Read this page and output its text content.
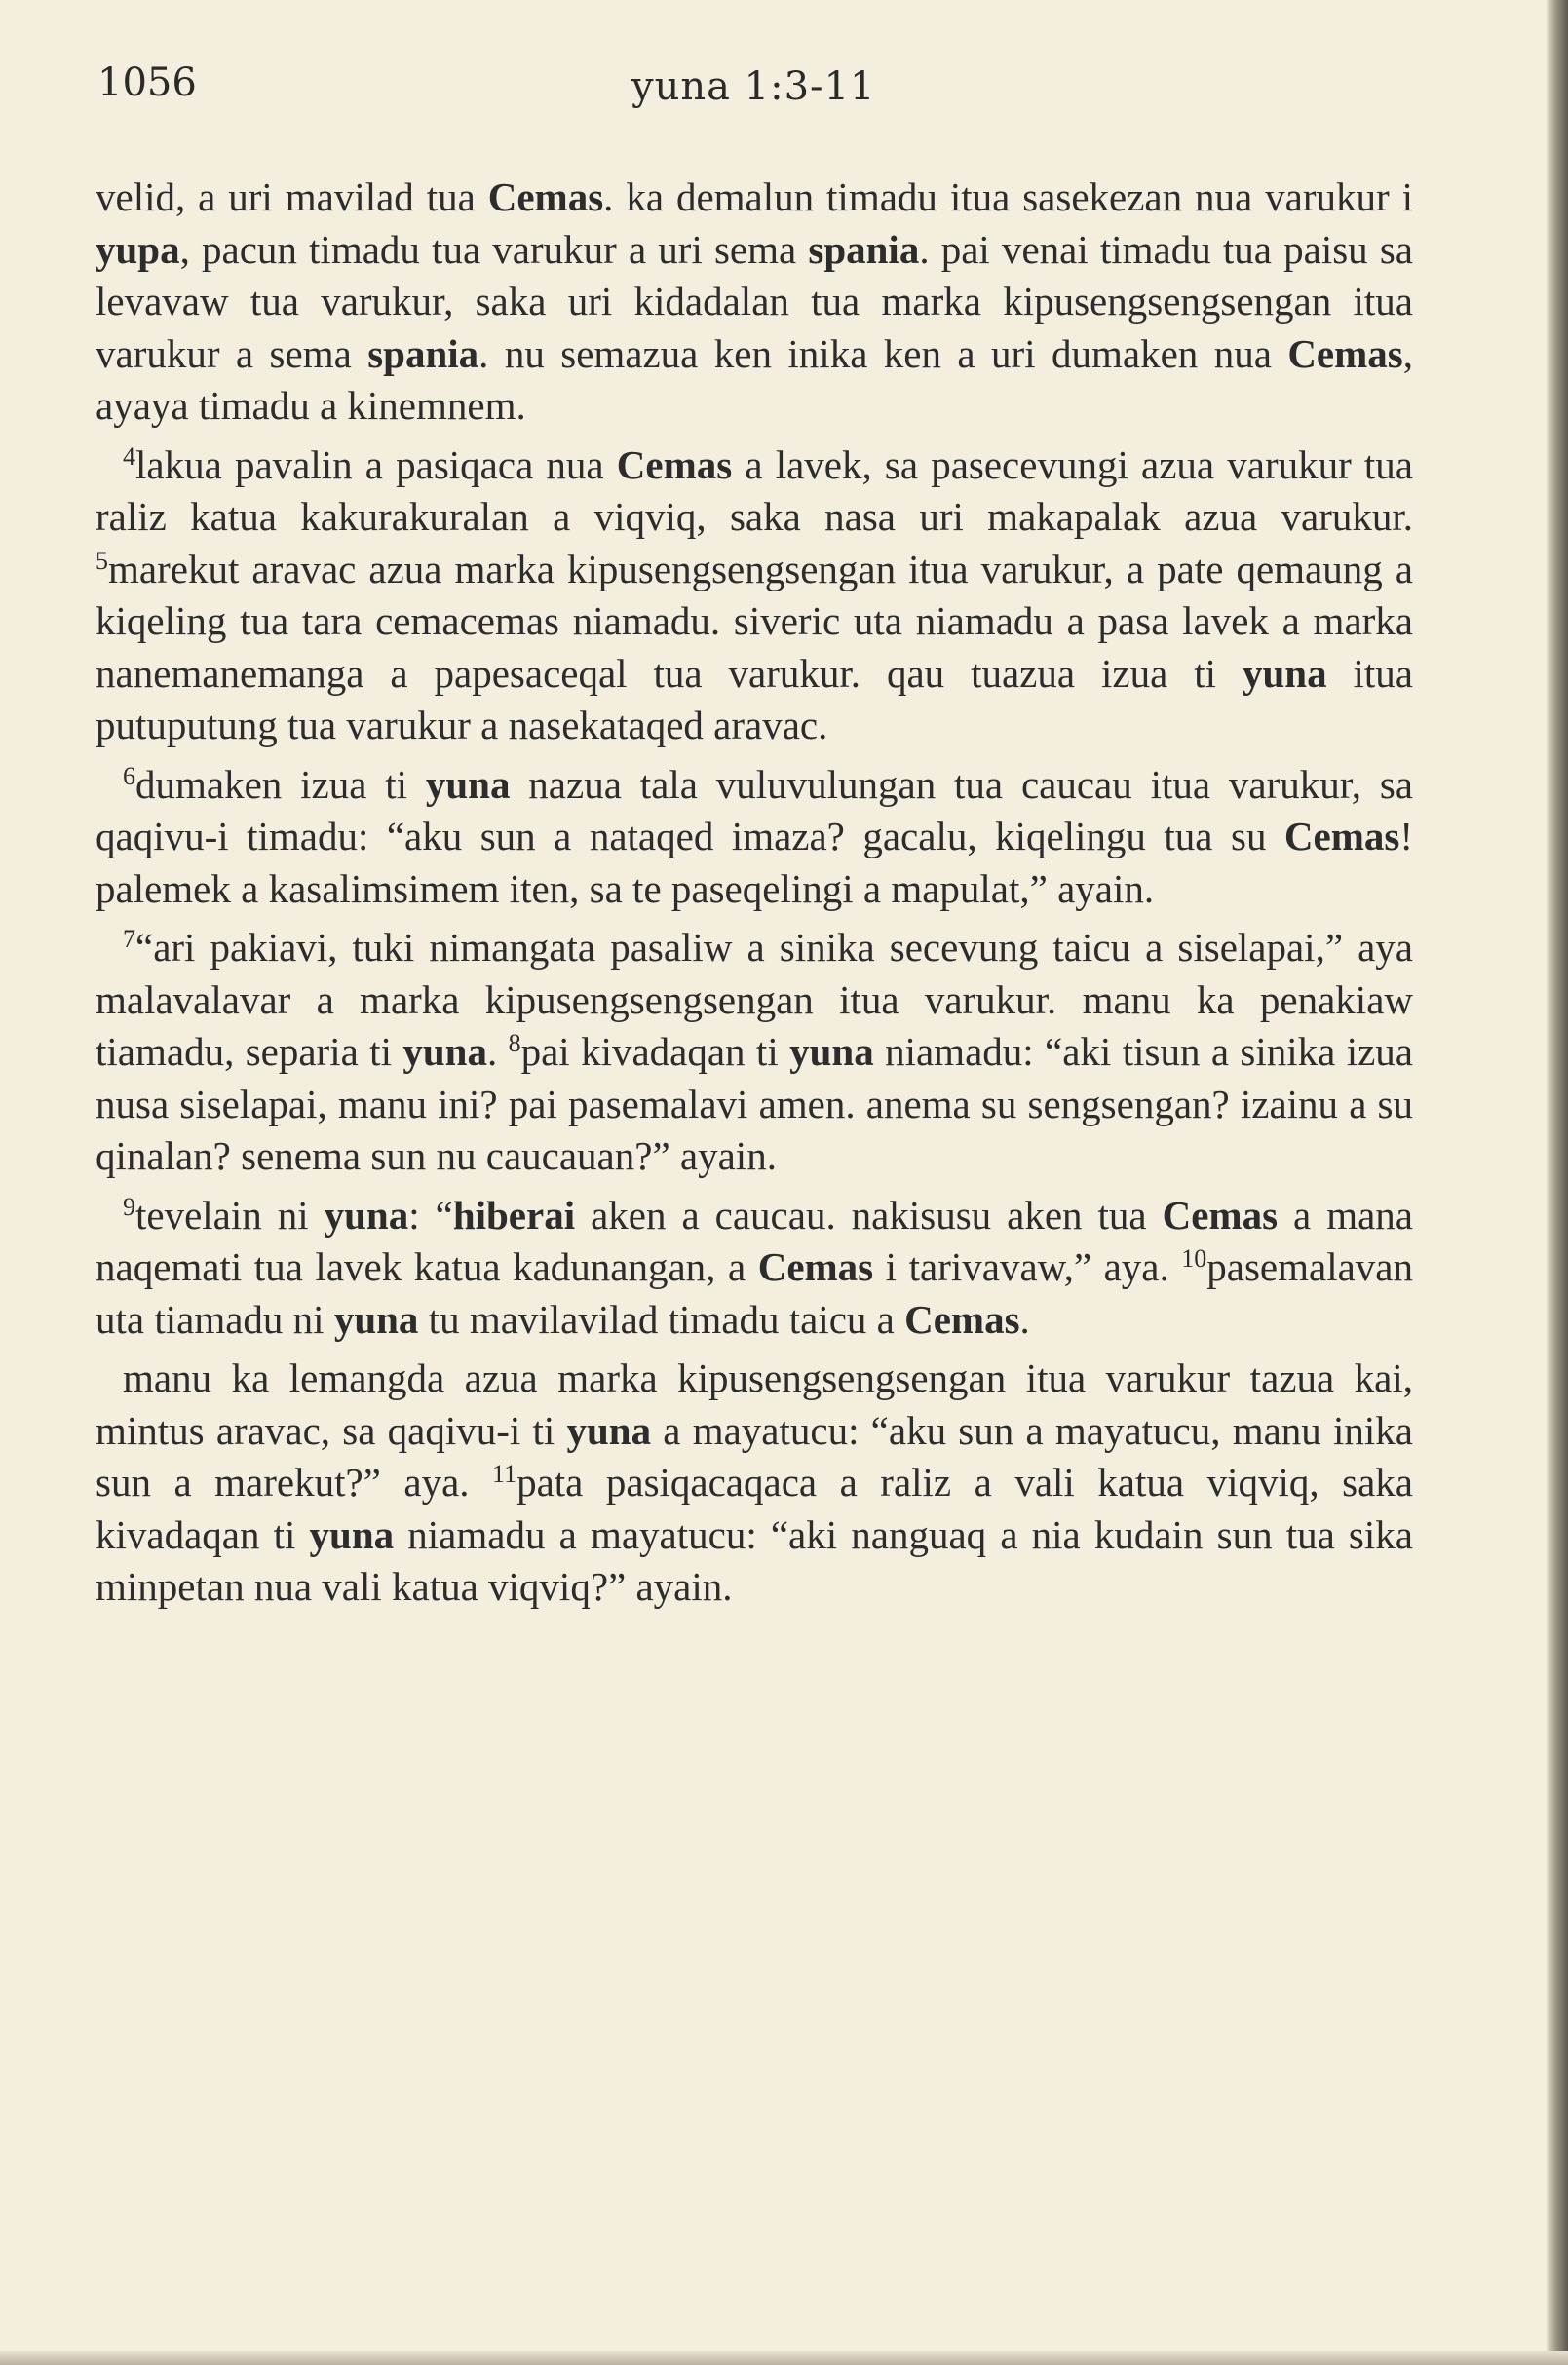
1056	yuna 1:3-11

velid, a uri mavilad tua Cemas. ka demalun timadu itua sasekezan nua varukur i yupa, pacun timadu tua varukur a uri sema spania. pai venai timadu tua paisu sa levavaw tua varukur, saka uri kidadalan tua marka kipusengsengsengan itua varukur a sema spania. nu semazua ken inika ken a uri dumaken nua Cemas, ayaya timadu a kinemnem.

$^4$lakua pavalin a pasiqaca nua Cemas a lavek, sa pasecevungi azua varukur tua raliz katua kakurakuralan a viqviq, saka nasa uri makapalak azua varukur. $^5$marekut aravac azua marka kipusengsengsengan itua varukur, a pate qemaung a kiqeling tua tara cemacemas niamadu. siveric uta niamadu a pasa lavek a marka nanemanemanga a papesaceqal tua varukur. qau tuazua izua ti yuna itua putuputung tua varukur a nasekataqed aravac.

$^6$dumaken izua ti yuna nazua tala vuluvulungan tua caucau itua varukur, sa qaqivu-i timadu: “aku sun a nataqed imaza? gacalu, kiqelingu tua su Cemas! palemek a kasalimsimem iten, sa te paseqelingi a mapulat,” ayain.

$^7$“ari pakiavi, tuki nimangata pasaliw a sinika secevung taicu a siselapai,” aya malavalavar a marka kipusengsengsengan itua varukur. manu ka penakiaw tiamadu, separia ti yuna. $^8$pai kivadaqan ti yuna niamadu: “aki tisun a sinika izua nusa siselapai, manu ini? pai pasemalavi amen. anema su sengsengan? izainu a su qinalan? senema sun nu caucauan?” ayain.

$^9$tevelain ni yuna: “hiberai aken a caucau. nakisusu aken tua Cemas a mana naqemati tua lavek katua kadunangan, a Cemas i tarivavaw,” aya. $^{10}$pasemalavan uta tiamadu ni yuna tu mavilavilad timadu taicu a Cemas.

manu ka lemangda azua marka kipusengsengsengan itua varukur tazua kai, mintus aravac, sa qaqivu-i ti yuna a mayatucu: “aku sun a mayatucu, manu inika sun a marekut?” aya. $^{11}$pata pasiqacaqaca a raliz a vali katua viqviq, saka kivadaqan ti yuna niamadu a mayatucu: “aki nanguaq a nia kudain sun tua sika minpetan nua vali katua viqviq?” ayain.
